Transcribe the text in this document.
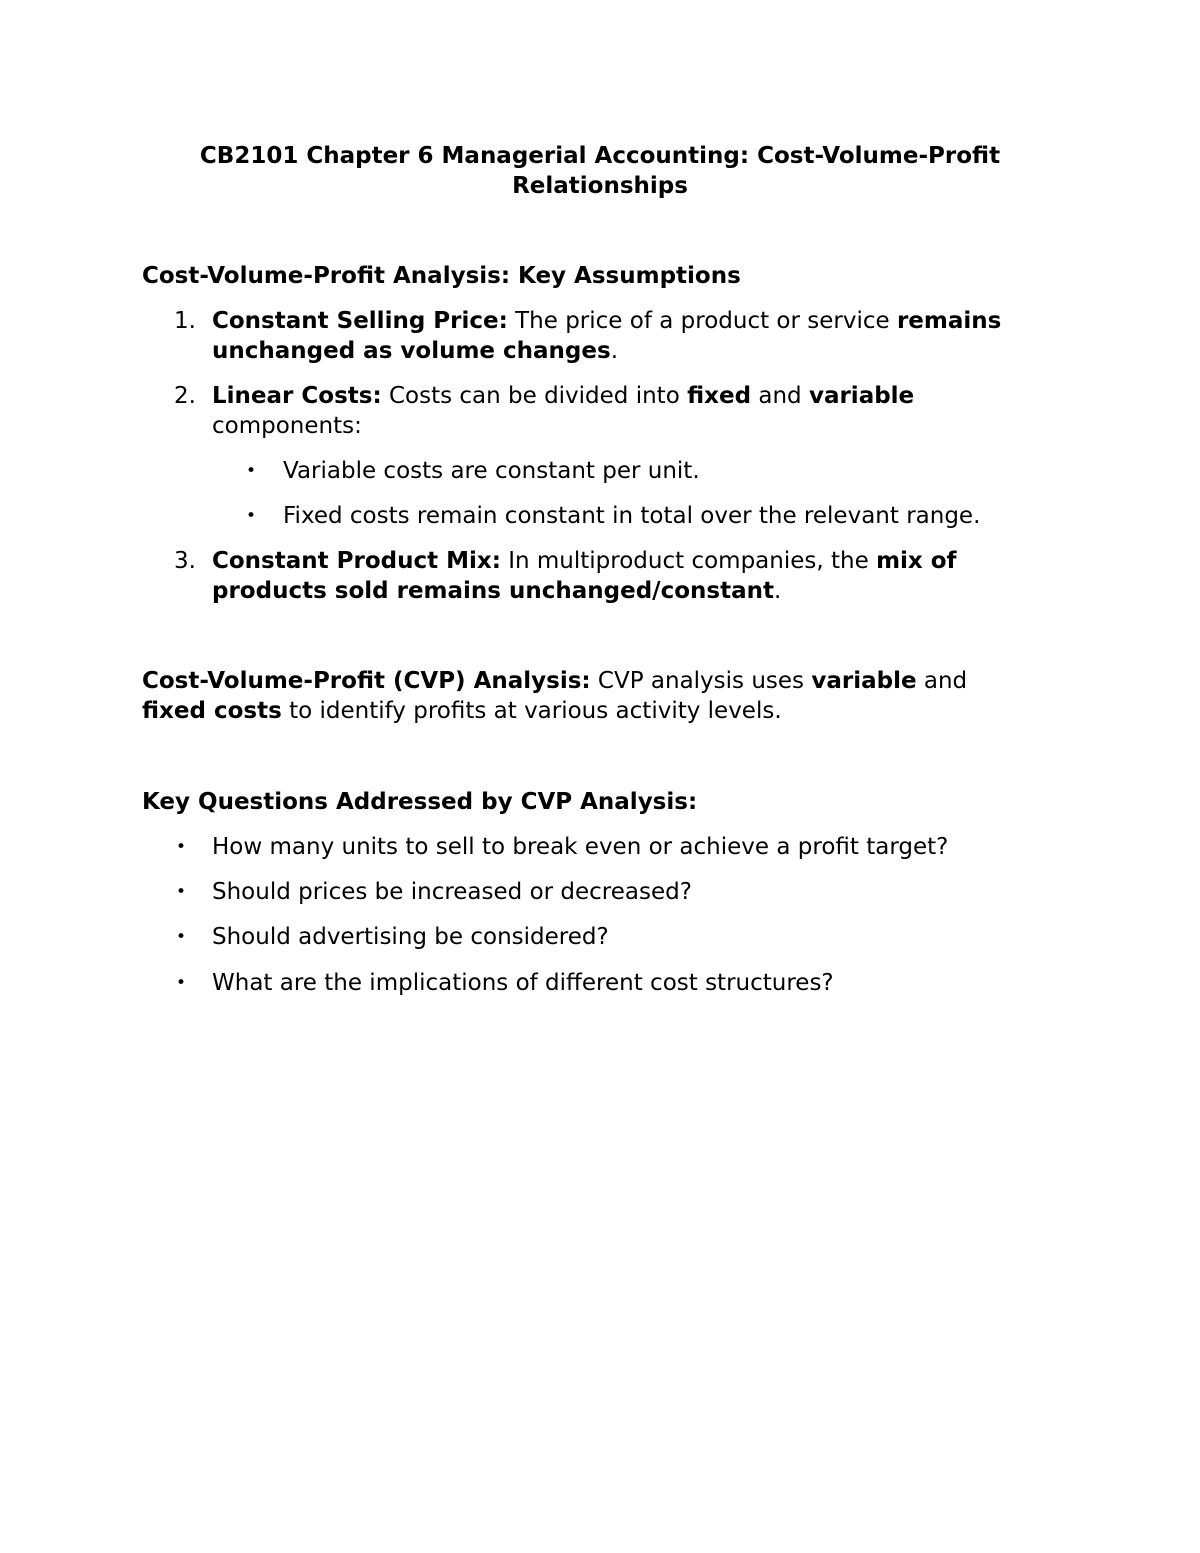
CB2101 Chapter 6 Managerial Accounting: Cost-Volume-Profit
Relationships
Cost-Volume-Profit Analysis: Key Assumptions
1. Constant Selling Price: The price of a product or service remains
unchanged as volume changes.
2. Linear Costs: Costs can be divided into fixed and variable
components:
• Variable costs are constant per unit.
• Fixed costs remain constant in total over the relevant range.
3. Constant Product Mix: In multiproduct companies, the mix of
products sold remains unchanged/constant.
Cost-Volume-Profit (CVP) Analysis: CVP analysis uses variable and
fixed costs to identify profits at various activity levels.
Key Questions Addressed by CVP Analysis:
• How many units to sell to break even or achieve a profit target?
• Should prices be increased or decreased?
• Should advertising be considered?
• What are the implications of different cost structures?
